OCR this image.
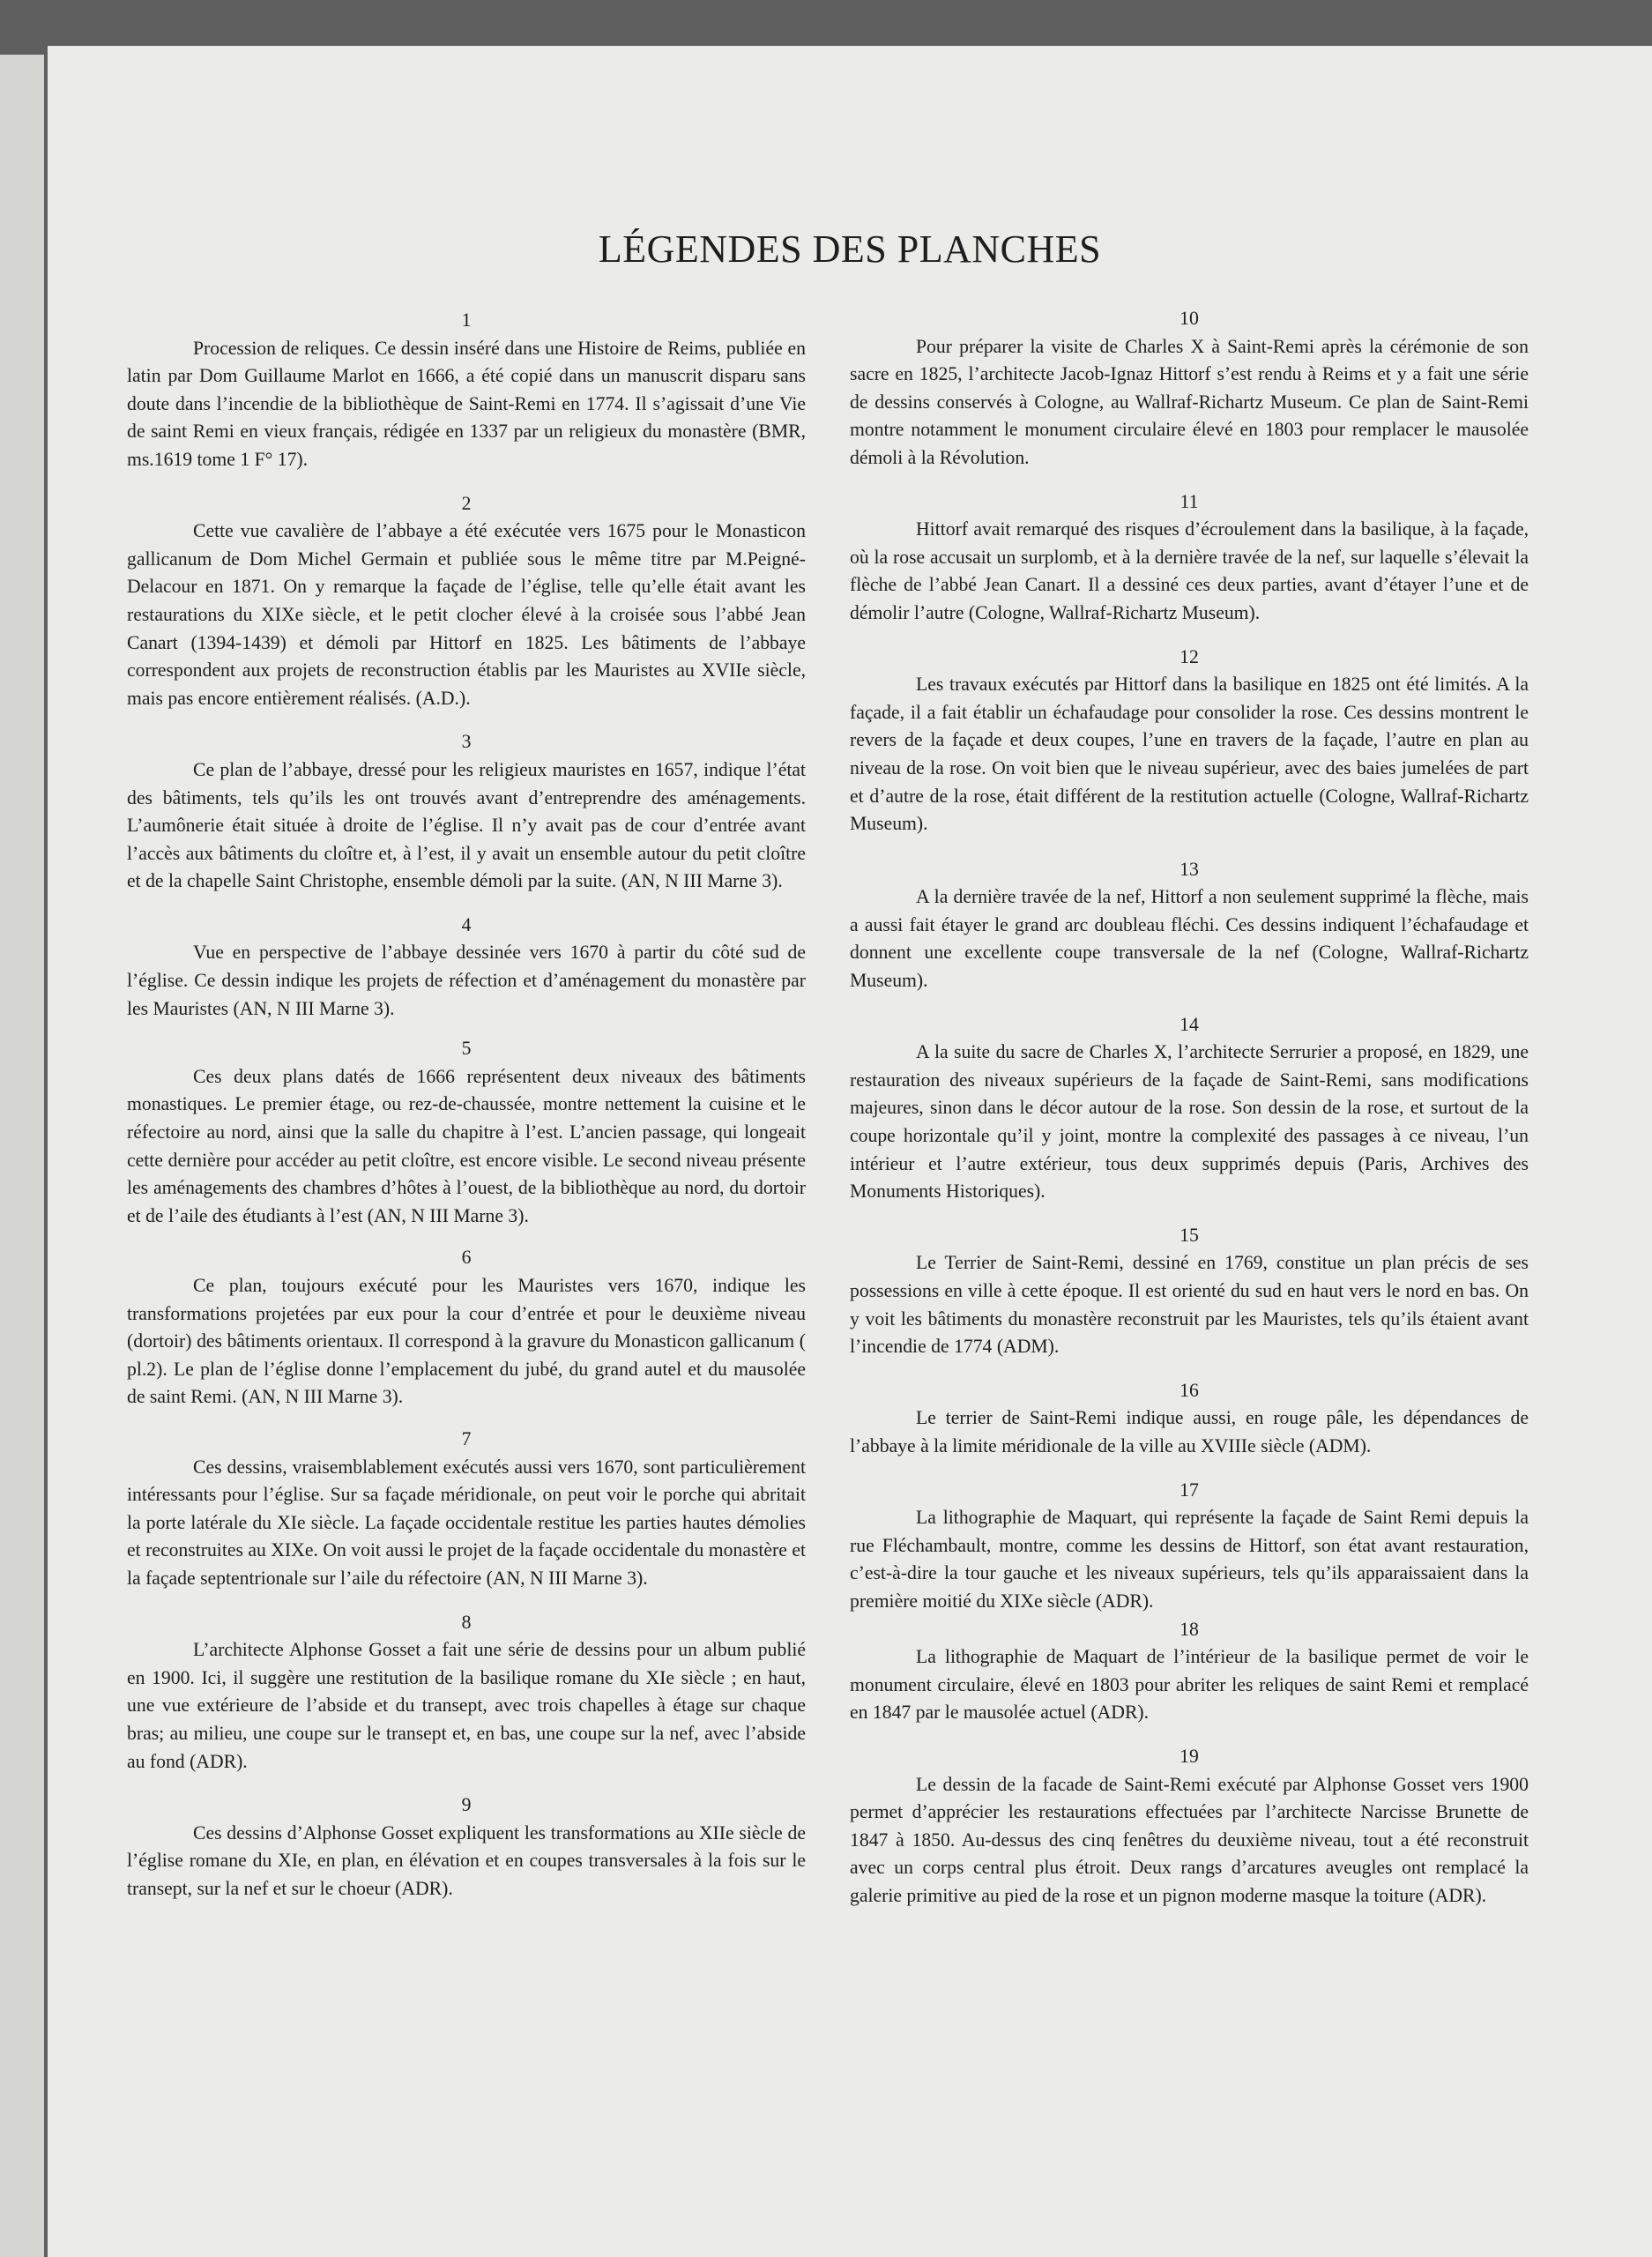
LÉGENDES DES PLANCHES
1

Procession de reliques. Ce dessin inséré dans une Histoire de Reims, publiée en latin par Dom Guillaume Marlot en 1666, a été copié dans un manuscrit disparu sans doute dans l’incendie de la bibliothèque de Saint-Remi en 1774. Il s’agissait d’une Vie de saint Remi en vieux français, rédigée en 1337 par un religieux du monastère (BMR, ms.1619 tome 1 F° 17).

2

Cette vue cavalière de l’abbaye a été exécutée vers 1675 pour le Monasticon gallicanum de Dom Michel Germain et publiée sous le même titre par M.Peigné-Delacour en 1871. On y remarque la façade de l’église, telle qu’elle était avant les restaurations du XIXe siècle, et le petit clocher élevé à la croisée sous l’abbé Jean Canart (1394-1439) et démoli par Hittorf en 1825. Les bâtiments de l’abbaye correspondent aux projets de reconstruction établis par les Mauristes au XVIIe siècle, mais pas encore entièrement réalisés. (A.D.).

3

Ce plan de l’abbaye, dressé pour les religieux mauristes en 1657, indique l’état des bâtiments, tels qu’ils les ont trouvés avant d’entreprendre des aménagements. L’aumônerie était située à droite de l’église. Il n’y avait pas de cour d’entrée avant l’accès aux bâtiments du cloître et, à l’est, il y avait un ensemble autour du petit cloître et de la chapelle Saint Christophe, ensemble démoli par la suite. (AN, N III Marne 3).

4

Vue en perspective de l’abbaye dessinée vers 1670 à partir du côté sud de l’église. Ce dessin indique les projets de réfection et d’aménagement du monastère par les Mauristes (AN, N III Marne 3).

5

Ces deux plans datés de 1666 représentent deux niveaux des bâtiments monastiques. Le premier étage, ou rez-de-chaussée, montre nettement la cuisine et le réfectoire au nord, ainsi que la salle du chapitre à l’est. L’ancien passage, qui longeait cette dernière pour accéder au petit cloître, est encore visible. Le second niveau présente les aménagements des chambres d’hôtes à l’ouest, de la bibliothèque au nord, du dortoir et de l’aile des étudiants à l’est (AN, N III Marne 3).

6

Ce plan, toujours exécuté pour les Mauristes vers 1670, indique les transformations projetées par eux pour la cour d’entrée et pour le deuxième niveau (dortoir) des bâtiments orientaux. Il correspond à la gravure du Monasticon gallicanum ( pl.2). Le plan de l’église donne l’emplacement du jubé, du grand autel et du mausolée de saint Remi. (AN, N III Marne 3).

7

Ces dessins, vraisemblablement exécutés aussi vers 1670, sont particulièrement intéressants pour l’église. Sur sa façade méridionale, on peut voir le porche qui abritait la porte latérale du XIe siècle. La façade occidentale restitue les parties hautes démolies et reconstruites au XIXe. On voit aussi le projet de la façade occidentale du monastère et la façade septentrionale sur l’aile du réfectoire (AN, N III Marne 3).

8

L’architecte Alphonse Gosset a fait une série de dessins pour un album publié en 1900. Ici, il suggère une restitution de la basilique romane du XIe siècle ; en haut, une vue extérieure de l’abside et du transept, avec trois chapelles à étage sur chaque bras; au milieu, une coupe sur le transept et, en bas, une coupe sur la nef, avec l’abside au fond (ADR).

9

Ces dessins d’Alphonse Gosset expliquent les transformations au XIIe siècle de l’église romane du XIe, en plan, en élévation et en coupes transversales à la fois sur le transept, sur la nef et sur le choeur (ADR).

10

Pour préparer la visite de Charles X à Saint-Remi après la cérémonie de son sacre en 1825, l’architecte Jacob-Ignaz Hittorf s’est rendu à Reims et y a fait une série de dessins conservés à Cologne, au Wallraf-Richartz Museum. Ce plan de Saint-Remi montre notamment le monument circulaire élevé en 1803 pour remplacer le mausolée démoli à la Révolution.

11

Hittorf avait remarqué des risques d’écroulement dans la basilique, à la façade, où la rose accusait un surplomb, et à la dernière travée de la nef, sur laquelle s’élevait la flèche de l’abbé Jean Canart. Il a dessiné ces deux parties, avant d’étayer l’une et de démolir l’autre (Cologne, Wallraf-Richartz Museum).

12

Les travaux exécutés par Hittorf dans la basilique en 1825 ont été limités. A la façade, il a fait établir un échafaudage pour consolider la rose. Ces dessins montrent le revers de la façade et deux coupes, l’une en travers de la façade, l’autre en plan au niveau de la rose. On voit bien que le niveau supérieur, avec des baies jumelées de part et d’autre de la rose, était différent de la restitution actuelle (Cologne, Wallraf-Richartz Museum).

13

A la dernière travée de la nef, Hittorf a non seulement supprimé la flèche, mais a aussi fait étayer le grand arc doubleau fléchi. Ces dessins indiquent l’échafaudage et donnent une excellente coupe transversale de la nef (Cologne, Wallraf-Richartz Museum).

14

A la suite du sacre de Charles X, l’architecte Serrurier a proposé, en 1829, une restauration des niveaux supérieurs de la façade de Saint-Remi, sans modifications majeures, sinon dans le décor autour de la rose. Son dessin de la rose, et surtout de la coupe horizontale qu’il y joint, montre la complexité des passages à ce niveau, l’un intérieur et l’autre extérieur, tous deux supprimés depuis (Paris, Archives des Monuments Historiques).

15

Le Terrier de Saint-Remi, dessiné en 1769, constitue un plan précis de ses possessions en ville à cette époque. Il est orienté du sud en haut vers le nord en bas. On y voit les bâtiments du monastère reconstruit par les Mauristes, tels qu’ils étaient avant l’incendie de 1774 (ADM).

16

Le terrier de Saint-Remi indique aussi, en rouge pâle, les dépendances de l’abbaye à la limite méridionale de la ville au XVIIIe siècle (ADM).

17

La lithographie de Maquart, qui représente la façade de Saint Remi depuis la rue Fléchambault, montre, comme les dessins de Hittorf, son état avant restauration, c’est-à-dire la tour gauche et les niveaux supérieurs, tels qu’ils apparaissaient dans la première moitié du XIXe siècle (ADR).

18

La lithographie de Maquart de l’intérieur de la basilique permet de voir le monument circulaire, élevé en 1803 pour abriter les reliques de saint Remi et remplacé en 1847 par le mausolée actuel (ADR).

19

Le dessin de la facade de Saint-Remi exécuté par Alphonse Gosset vers 1900 permet d’apprécier les restaurations effectuées par l’architecte Narcisse Brunette de 1847 à 1850. Au-dessus des cinq fenêtres du deuxième niveau, tout a été reconstruit avec un corps central plus étroit. Deux rangs d’arcatures aveugles ont remplacé la galerie primitive au pied de la rose et un pignon moderne masque la toiture (ADR).
